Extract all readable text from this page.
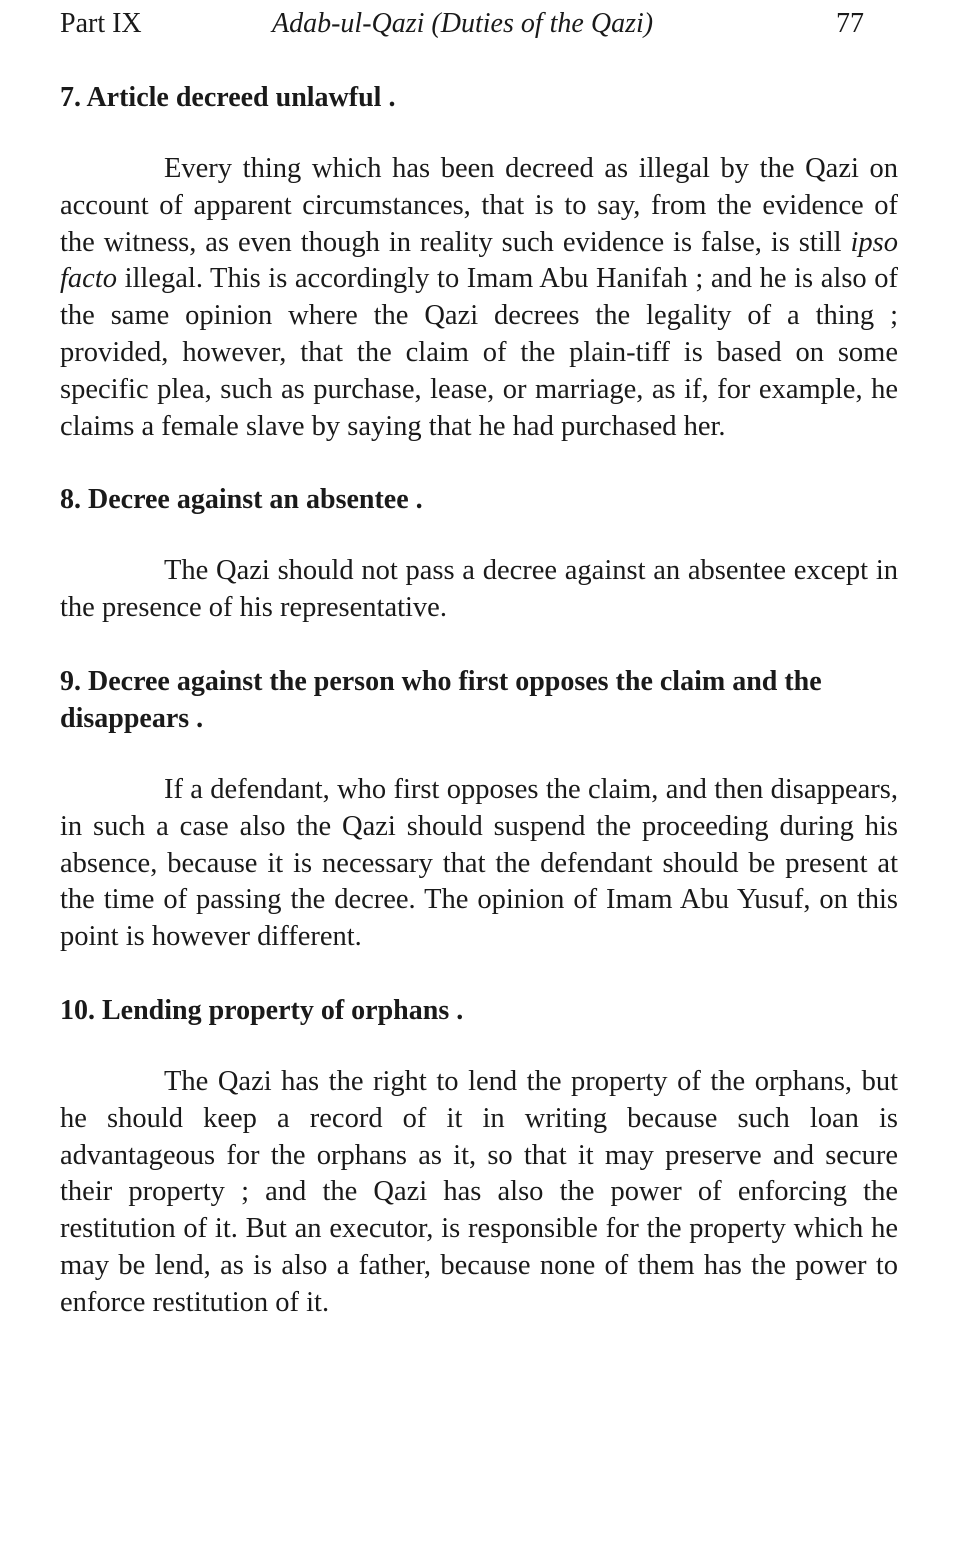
Part IX	Adab-ul-Qazi (Duties of the Qazi)	77
7. Article decreed unlawful .

Every thing which has been decreed as illegal by the Qazi on account of apparent circumstances, that is to say, from the evidence of the witness, as even though in reality such evidence is false, is still ipso facto illegal. This is accordingly to Imam Abu Hanifah ; and he is also of the same opinion where the Qazi decrees the legality of a thing ; provided, however, that the claim of the plain-tiff is based on some specific plea, such as purchase, lease, or marriage, as if, for example, he claims a female slave by saying that he had purchased her.

8. Decree against an absentee .

The Qazi should not pass a decree against an absentee except in the presence of his representative.

9. Decree against the person who first opposes the claim and the disappears .

If a defendant, who first opposes the claim, and then disappears, in such a case also the Qazi should suspend the proceeding during his absence, because it is necessary that the defendant should be present at the time of passing the decree. The opinion of Imam Abu Yusuf, on this point is however different.

10. Lending property of orphans .

The Qazi has the right to lend the property of the orphans, but he should keep a record of it in writing because such loan is advantageous for the orphans as it, so that it may preserve and secure their property ; and the Qazi has also the power of enforcing the restitution of it. But an executor, is responsible for the property which he may be lend, as is also a father, because none of them has the power to enforce restitution of it.
